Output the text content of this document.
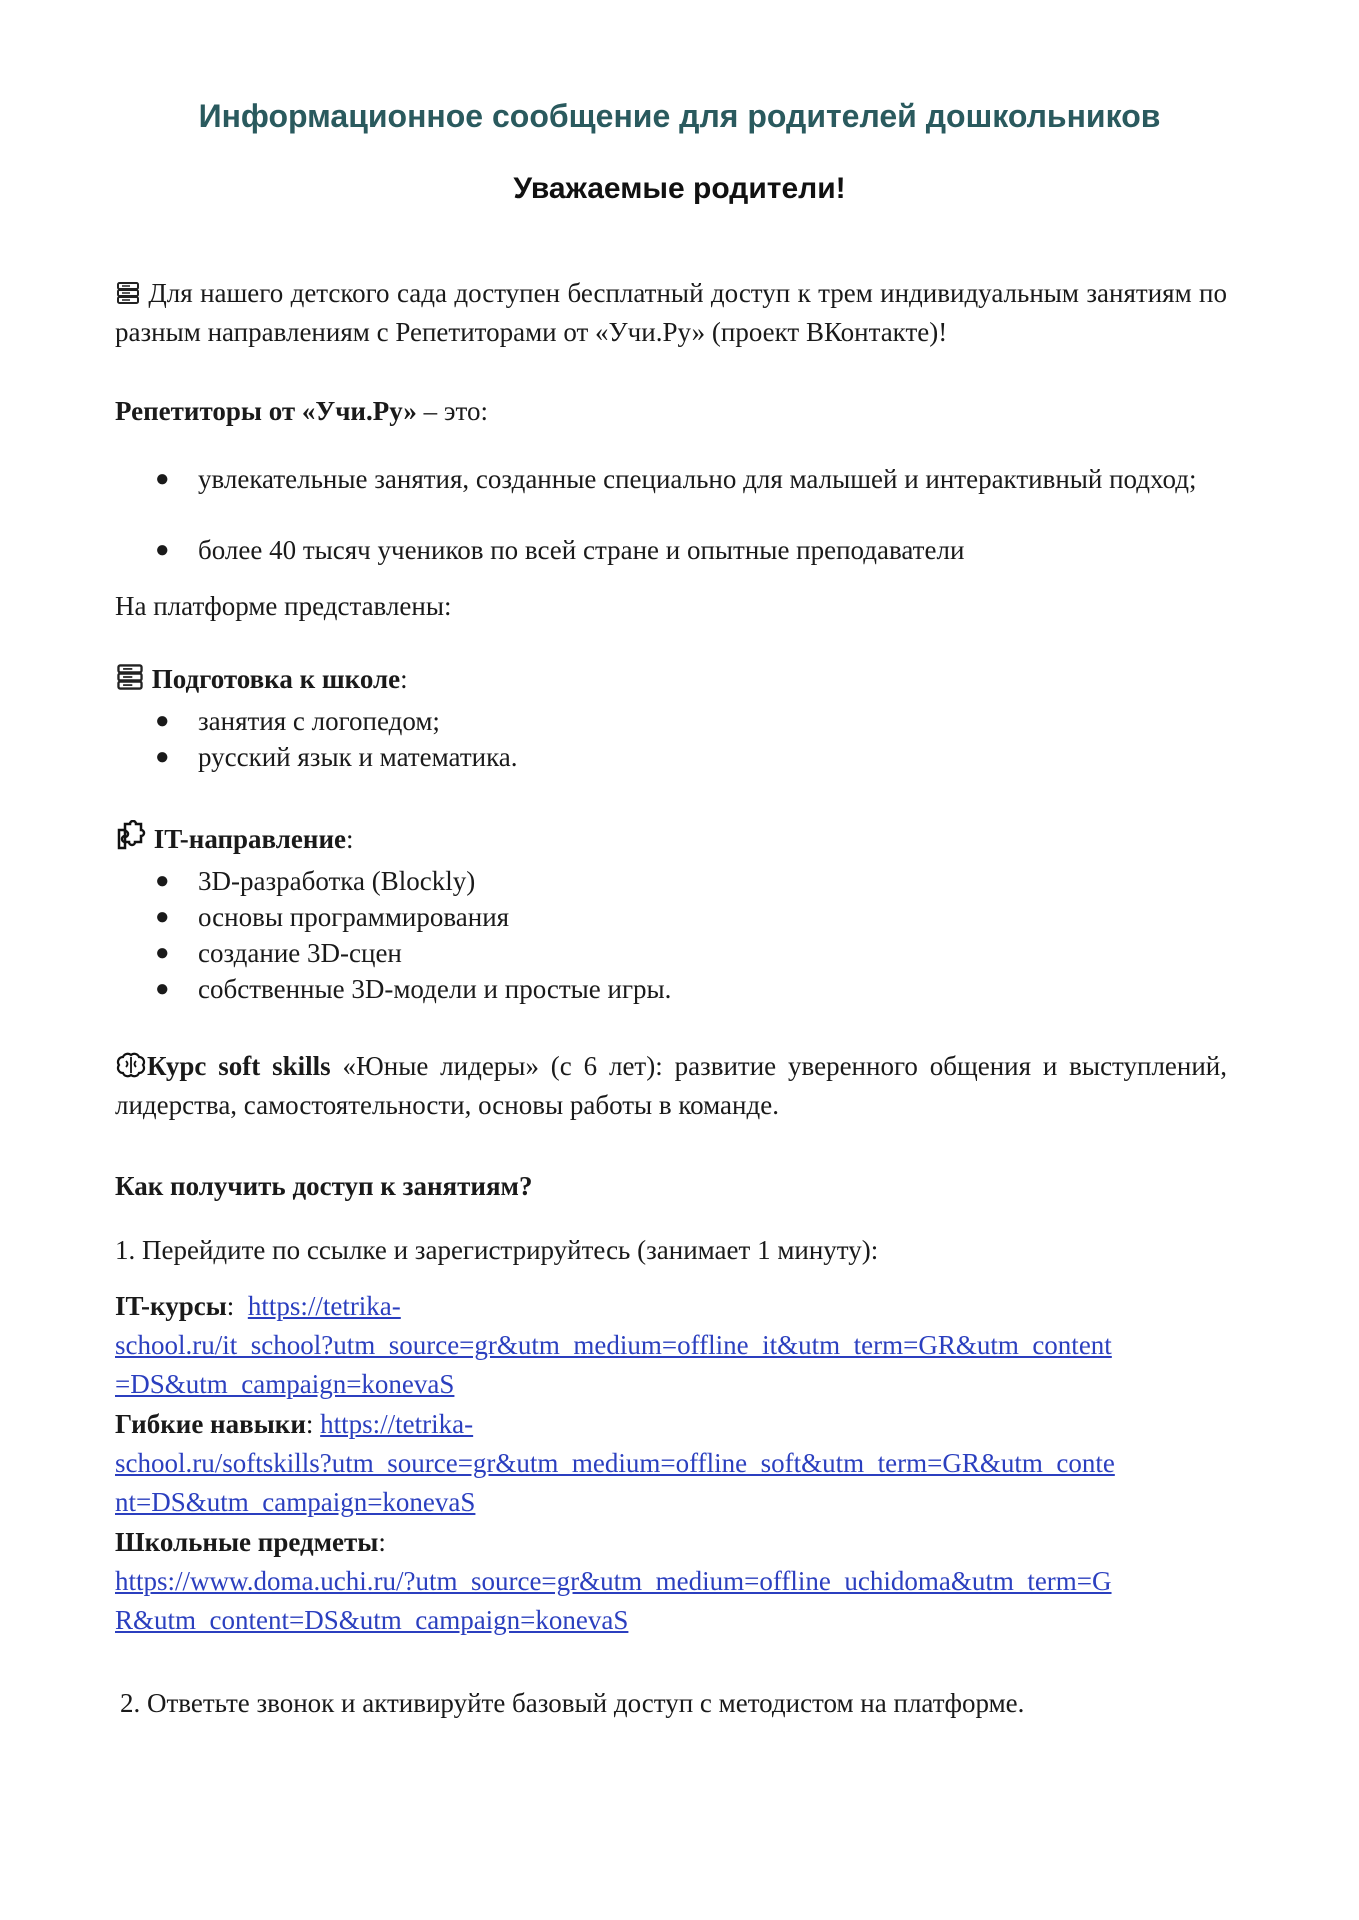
Информационное сообщение для родителей дошкольников
Уважаемые родители!
Для нашего детского сада доступен бесплатный доступ к трем индивидуальным занятиям по разным направлениям с Репетиторами от «Учи.Ру» (проект ВКонтакте)!
Репетиторы от «Учи.Ру» – это:
●	увлекательные занятия, созданные специально для малышей и интерактивный подход;
●	более 40 тысяч учеников по всей стране и опытные преподаватели
На платформе представлены:
Подготовка к школе:
●	занятия с логопедом;
●	русский язык и математика.
IT-направление:
●	3D-разработка (Blockly)
●	основы программирования
●	создание 3D-сцен
●	собственные 3D-модели и простые игры.
Курс soft skills «Юные лидеры» (с 6 лет): развитие уверенного общения и выступлений, лидерства, самостоятельности, основы работы в команде.
Как получить доступ к занятиям?
1. Перейдите по ссылке и зарегистрируйтесь (занимает 1 минуту):
IT-курсы:  https://tetrika-
school.ru/it_school?utm_source=gr&utm_medium=offline_it&utm_term=GR&utm_content
=DS&utm_campaign=konevaS
Гибкие навыки: https://tetrika-
school.ru/softskills?utm_source=gr&utm_medium=offline_soft&utm_term=GR&utm_conte
nt=DS&utm_campaign=konevaS
Школьные предметы:
https://www.doma.uchi.ru/?utm_source=gr&utm_medium=offline_uchidoma&utm_term=G
R&utm_content=DS&utm_campaign=konevaS
2. Ответьте звонок и активируйте базовый доступ с методистом на платформе.
